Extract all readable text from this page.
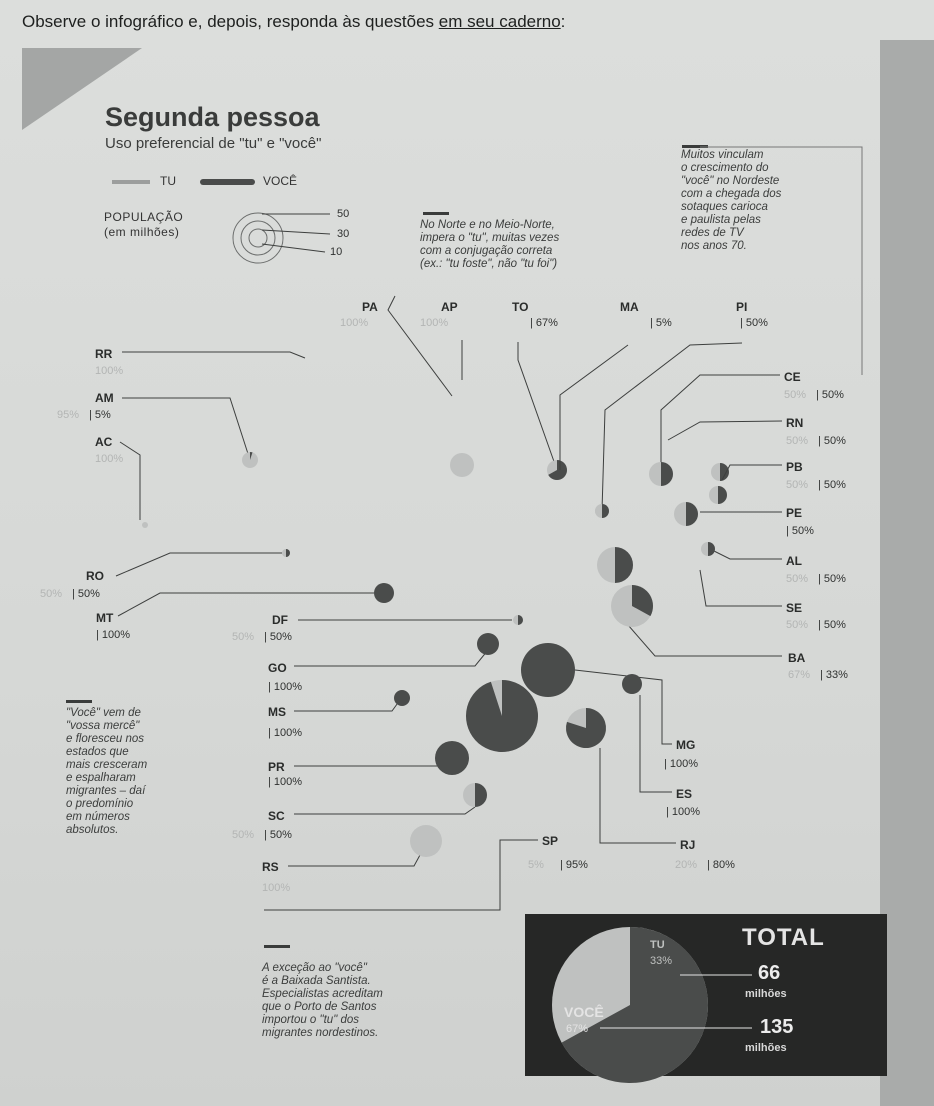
Observe o infográfico e, depois, responda às questões em seu caderno:
Segunda pessoa
Uso preferencial de "tu" e "você"
TU	VOCÊ
POPULAÇÃO
(em milhões)
50
30
10
Muitos vinculam
o crescimento do
"você" no Nordeste
com a chegada dos
sotaques carioca
e paulista pelas
redes de TV
nos anos 70.
No Norte e no Meio-Norte,
impera o "tu", muitas vezes
com a conjugação correta
(ex.: "tu foste", não "tu foi")
"Você" vem de
"vossa mercê"
e floresceu nos
estados que
mais cresceram
e espalharam
migrantes – daí
o predomínio
em números
absolutos.
A exceção ao "você"
é a Baixada Santista.
Especialistas acreditam
que o Porto de Santos
importou o "tu" dos
migrantes nordestinos.
TOTAL
66
milhões
135
milhões
PA
100%
AP
100%
TO
| 67%
MA
| 5%
PI
| 50%
RR
100%
AM
95% | 5%
AC
100%
CE
50% | 50%
RN
50% | 50%
PB
50% | 50%
PE
| 50%
AL
50% | 50%
SE
50% | 50%
BA
67% | 33%
RO
50% | 50%
MT
| 100%
DF
50% | 50%
GO
| 100%
MS
| 100%
MG
| 100%
PR
| 100%
ES
| 100%
SC
50% | 50%	SP
5% | 95%
RJ
20% | 80%
RS
100%
TU
33%
VOCÊ
67%
